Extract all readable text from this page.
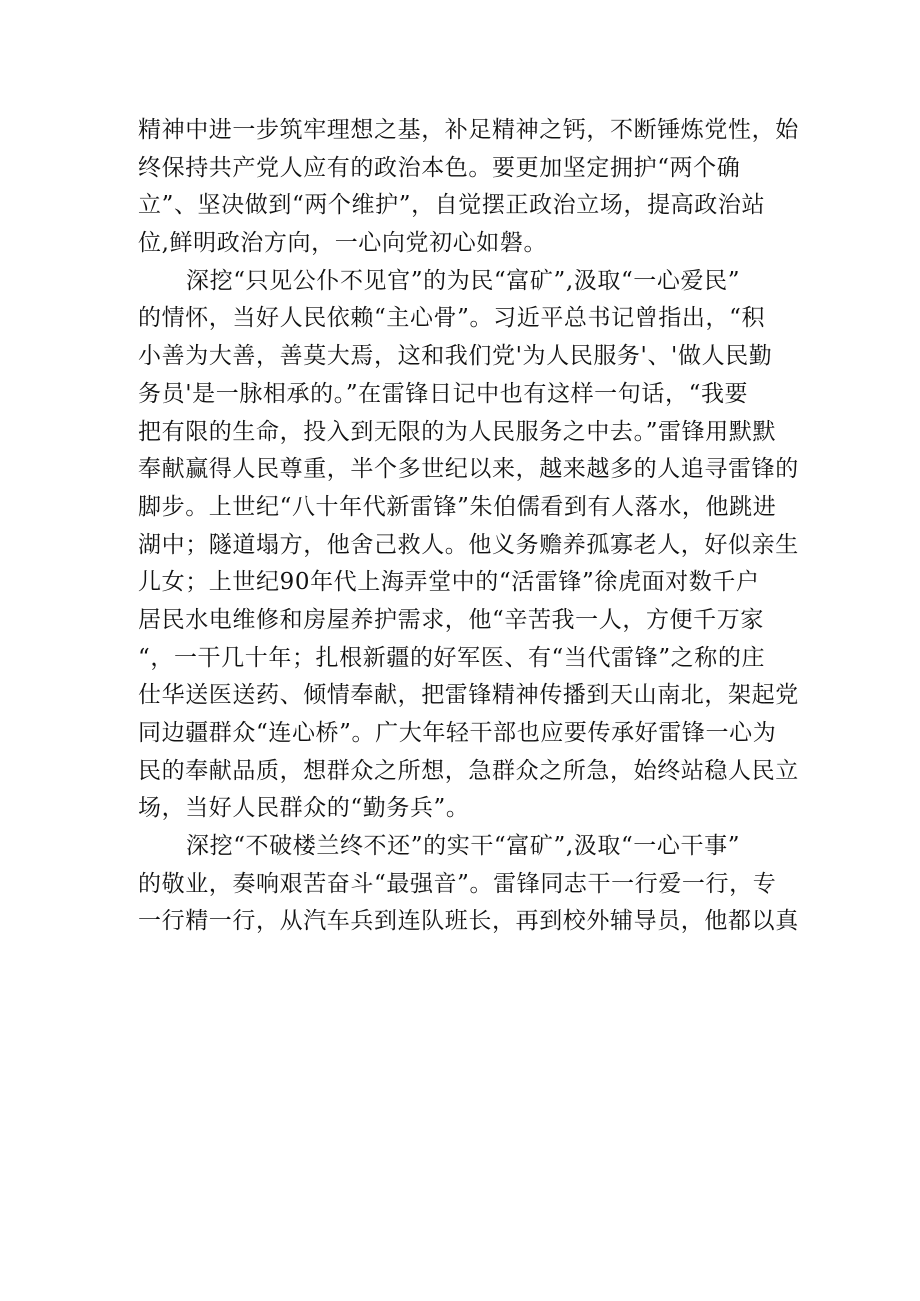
精神中进一步筑牢理想之基，补足精神之钙，不断锤炼党性，始
终保持共产党人应有的政治本色。要更加坚定拥护“两个确
立”、坚决做到“两个维护”，自觉摆正政治立场，提高政治站
位,鲜明政治方向，一心向党初心如磐。
深挖“只见公仆不见官”的为民“富矿”,汲取“一心爱民”
的情怀，当好人民依赖“主心骨”。习近平总书记曾指出，“积
小善为大善，善莫大焉，这和我们党'为人民服务'、'做人民勤
务员'是一脉相承的。”在雷锋日记中也有这样一句话，“我要
把有限的生命，投入到无限的为人民服务之中去。”雷锋用默默
奉献赢得人民尊重，半个多世纪以来，越来越多的人追寻雷锋的
脚步。上世纪“八十年代新雷锋”朱伯儒看到有人落水，他跳进
湖中；隧道塌方，他舍己救人。他义务赡养孤寡老人，好似亲生
儿女；上世纪90年代上海弄堂中的“活雷锋”徐虎面对数千户
居民水电维修和房屋养护需求，他“辛苦我一人，方便千万家
“，一干几十年；扎根新疆的好军医、有“当代雷锋”之称的庄
仕华送医送药、倾情奉献，把雷锋精神传播到天山南北，架起党
同边疆群众“连心桥”。广大年轻干部也应要传承好雷锋一心为
民的奉献品质，想群众之所想，急群众之所急，始终站稳人民立
场，当好人民群众的“勤务兵”。
深挖“不破楼兰终不还”的实干“富矿”,汲取“一心干事”
的敬业，奏响艰苦奋斗“最强音”。雷锋同志干一行爱一行，专
一行精一行，从汽车兵到连队班长，再到校外辅导员，他都以真
